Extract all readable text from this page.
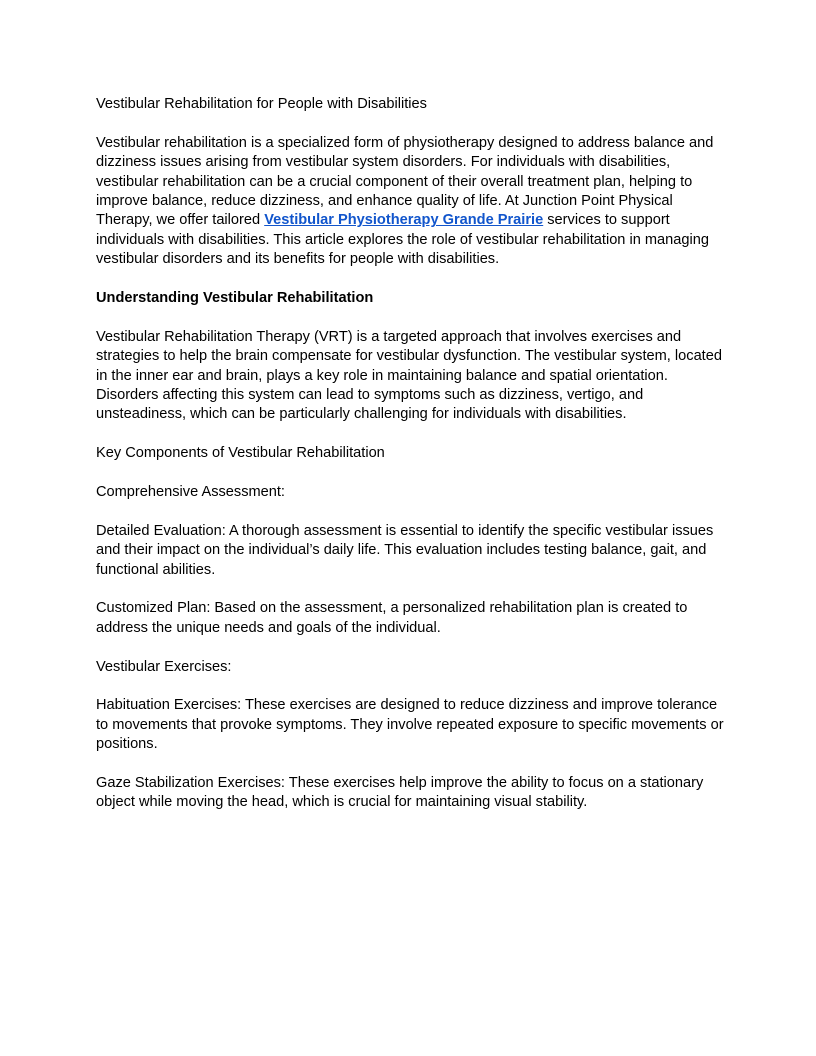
Vestibular Rehabilitation for People with Disabilities

Vestibular rehabilitation is a specialized form of physiotherapy designed to address balance and dizziness issues arising from vestibular system disorders. For individuals with disabilities, vestibular rehabilitation can be a crucial component of their overall treatment plan, helping to improve balance, reduce dizziness, and enhance quality of life. At Junction Point Physical Therapy, we offer tailored Vestibular Physiotherapy Grande Prairie services to support individuals with disabilities. This article explores the role of vestibular rehabilitation in managing vestibular disorders and its benefits for people with disabilities.

Understanding Vestibular Rehabilitation

Vestibular Rehabilitation Therapy (VRT) is a targeted approach that involves exercises and strategies to help the brain compensate for vestibular dysfunction. The vestibular system, located in the inner ear and brain, plays a key role in maintaining balance and spatial orientation. Disorders affecting this system can lead to symptoms such as dizziness, vertigo, and unsteadiness, which can be particularly challenging for individuals with disabilities.

Key Components of Vestibular Rehabilitation

Comprehensive Assessment:

Detailed Evaluation: A thorough assessment is essential to identify the specific vestibular issues and their impact on the individual’s daily life. This evaluation includes testing balance, gait, and functional abilities.

Customized Plan: Based on the assessment, a personalized rehabilitation plan is created to address the unique needs and goals of the individual.

Vestibular Exercises:

Habituation Exercises: These exercises are designed to reduce dizziness and improve tolerance to movements that provoke symptoms. They involve repeated exposure to specific movements or positions.

Gaze Stabilization Exercises: These exercises help improve the ability to focus on a stationary object while moving the head, which is crucial for maintaining visual stability.
